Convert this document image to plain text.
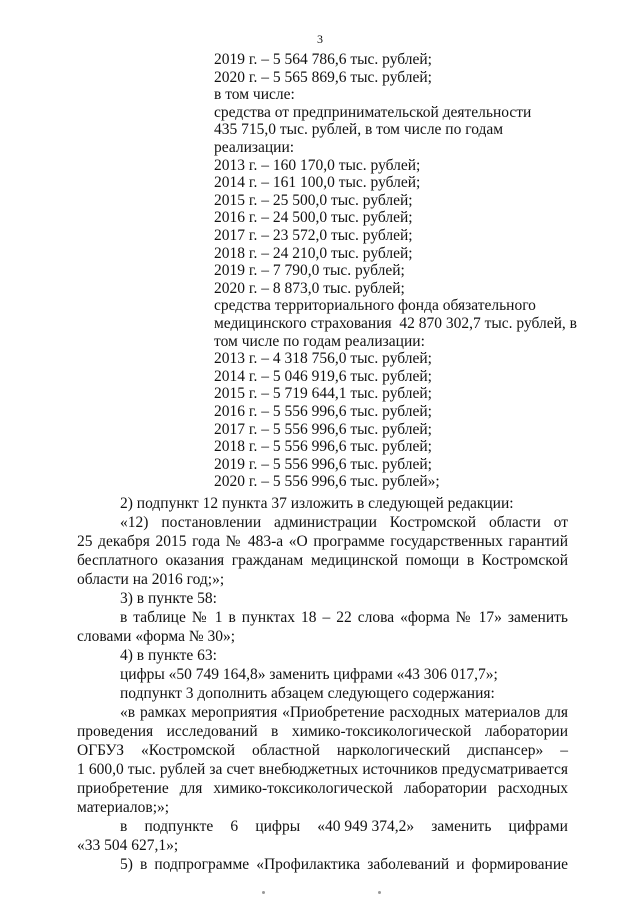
3
2019 г. – 5 564 786,6 тыс. рублей;
2020 г. – 5 565 869,6 тыс. рублей;
в том числе:
средства от предпринимательской деятельности
435 715,0 тыс. рублей, в том числе по годам
реализации:
2013 г. – 160 170,0 тыс. рублей;
2014 г. – 161 100,0 тыс. рублей;
2015 г. – 25 500,0 тыс. рублей;
2016 г. – 24 500,0 тыс. рублей;
2017 г. – 23 572,0 тыс. рублей;
2018 г. – 24 210,0 тыс. рублей;
2019 г. – 7 790,0 тыс. рублей;
2020 г. – 8 873,0 тыс. рублей;
средства территориального фонда обязательного
медицинского страхования  42 870 302,7 тыс. рублей, в
том числе по годам реализации:
2013 г. – 4 318 756,0 тыс. рублей;
2014 г. – 5 046 919,6 тыс. рублей;
2015 г. – 5 719 644,1 тыс. рублей;
2016 г. – 5 556 996,6 тыс. рублей;
2017 г. – 5 556 996,6 тыс. рублей;
2018 г. – 5 556 996,6 тыс. рублей;
2019 г. – 5 556 996,6 тыс. рублей;
2020 г. – 5 556 996,6 тыс. рублей»;
2) подпункт 12 пункта 37 изложить в следующей редакции:
«12) постановлении администрации Костромской области от
25 декабря 2015 года № 483-а «О программе государственных гарантий
бесплатного оказания гражданам медицинской помощи в Костромской
области на 2016 год;»;
3) в пункте 58:
в таблице № 1 в пунктах 18 – 22 слова «форма № 17» заменить
словами «форма № 30»;
4) в пункте 63:
цифры «50 749 164,8» заменить цифрами «43 306 017,7»;
подпункт 3 дополнить абзацем следующего содержания:
«в рамках мероприятия «Приобретение расходных материалов для
проведения исследований в химико-токсикологической лаборатории
ОГБУЗ «Костромской областной наркологический диспансер» –
1 600,0 тыс. рублей за счет внебюджетных источников предусматривается
приобретение для химико-токсикологической лаборатории расходных
материалов;»;
в подпункте 6 цифры «40 949 374,2» заменить цифрами
«33 504 627,1»;
5) в подпрограмме «Профилактика заболеваний и формирование
